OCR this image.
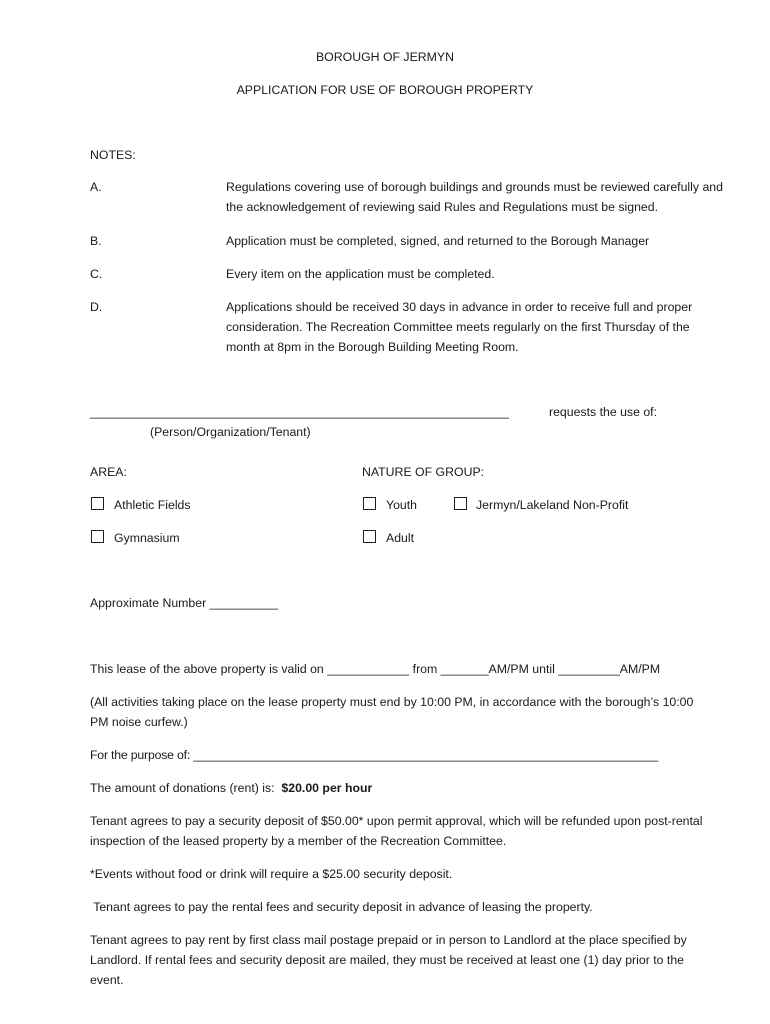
BOROUGH OF JERMYN
APPLICATION FOR USE OF BOROUGH PROPERTY
NOTES:
A.	Regulations covering use of borough buildings and grounds must be reviewed carefully and the acknowledgement of reviewing said Rules and Regulations must be signed.
B.	Application must be completed, signed, and returned to the Borough Manager
C.	Every item on the application must be completed.
D.	Applications should be received 30 days in advance in order to receive full and proper consideration. The Recreation Committee meets regularly on the first Thursday of the month at 8pm in the Borough Building Meeting Room.
________________________________________________________________	requests the use of:
(Person/Organization/Tenant)
AREA:	NATURE OF GROUP:
Athletic Fields	Youth	Jermyn/Lakeland Non-Profit
Gymnasium	Adult
Approximate Number __________
This lease of the above property is valid on ____________ from _______AM/PM until _________AM/PM
(All activities taking place on the lease property must end by 10:00 PM, in accordance with the borough’s 10:00 PM noise curfew.)
For the purpose of: ______________________________________________________________________
The amount of donations (rent) is: $20.00 per hour
Tenant agrees to pay a security deposit of $50.00* upon permit approval, which will be refunded upon post-rental inspection of the leased property by a member of the Recreation Committee.
*Events without food or drink will require a $25.00 security deposit.
Tenant agrees to pay the rental fees and security deposit in advance of leasing the property.
Tenant agrees to pay rent by first class mail postage prepaid or in person to Landlord at the place specified by Landlord. If rental fees and security deposit are mailed, they must be received at least one (1) day prior to the event.
